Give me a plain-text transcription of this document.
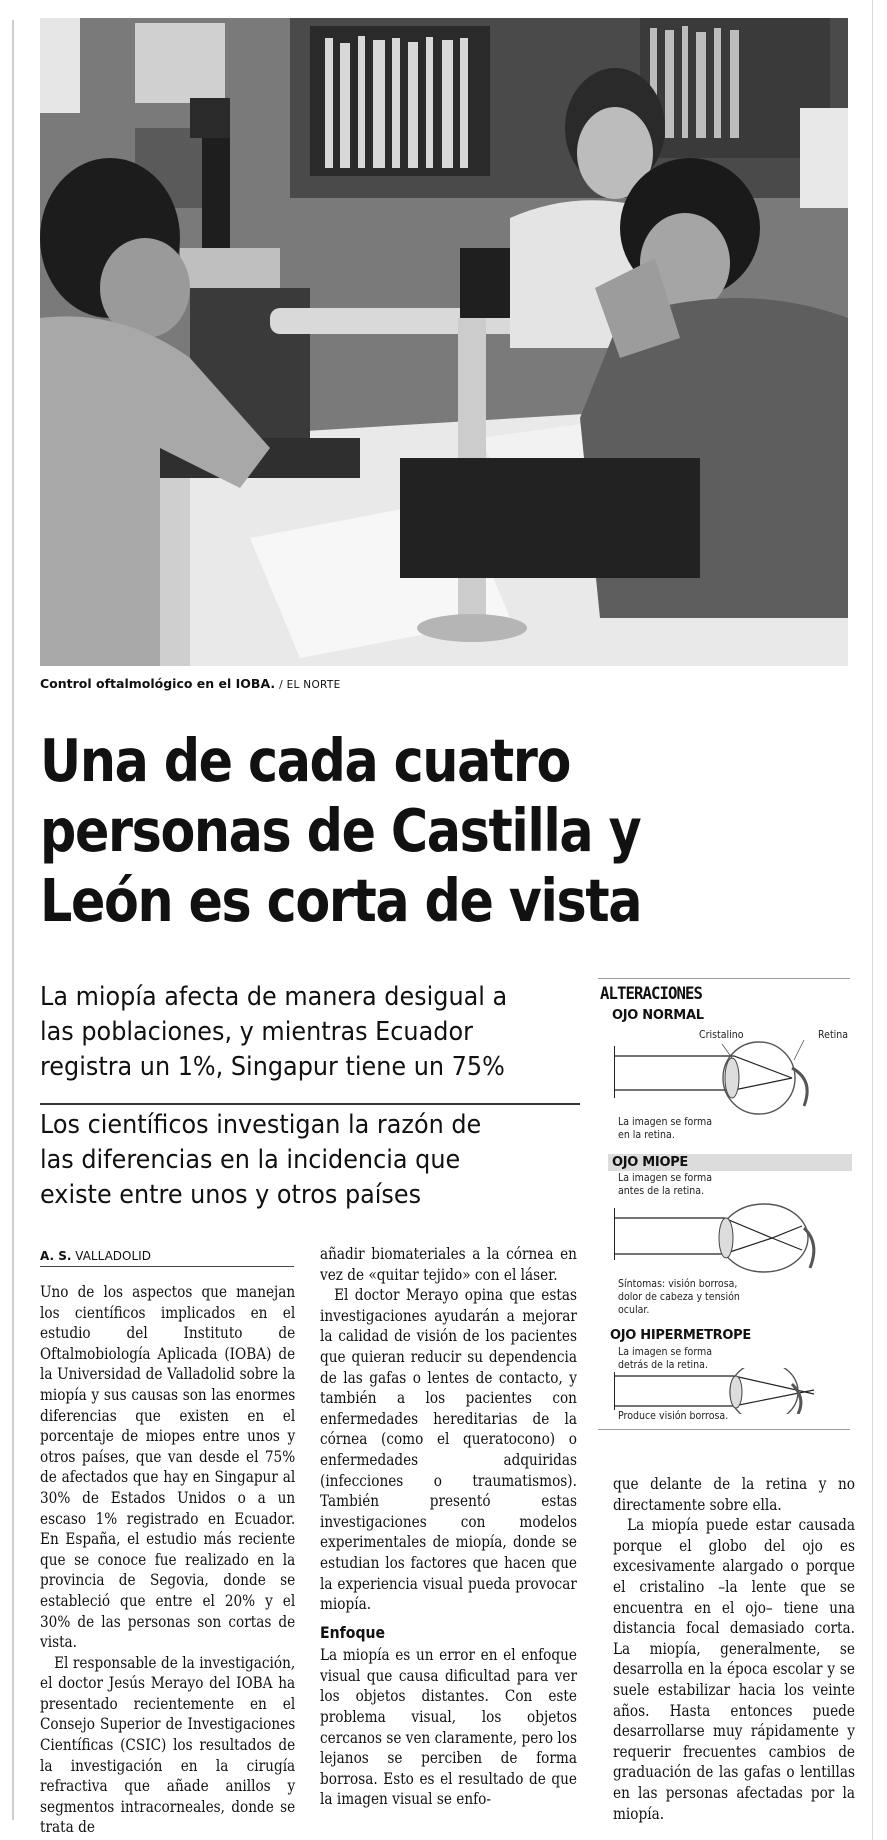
Control oftalmológico en el IOBA. / EL NORTE
Una de cada cuatro
personas de Castilla y
León es corta de vista
La miopía afecta de manera desigual a
las poblaciones, y mientras Ecuador
registra un 1%, Singapur tiene un 75%
Los científicos investigan la razón de
las diferencias en la incidencia que
existe entre unos y otros países
ALTERACIONES
OJO NORMAL
Cristalino	Retina
La imagen se forma
en la retina.
OJO MIOPE
La imagen se forma
antes de la retina.
Síntomas: visión borrosa,
dolor de cabeza y tensión
ocular.
OJO HIPERMETROPE
La imagen se forma
detrás de la retina.
Produce visión borrosa.
A. S. VALLADOLID

Uno de los aspectos que manejan los científicos implicados en el estudio del Instituto de Oftalmobiología Aplicada (IOBA) de la Universidad de Valladolid sobre la miopía y sus causas son las enormes diferencias que existen en el porcentaje de miopes entre unos y otros países, que van desde el 75% de afectados que hay en Singapur al 30% de Estados Unidos o a un escaso 1% registrado en Ecuador. En España, el estudio más reciente que se conoce fue realizado en la provincia de Segovia, donde se estableció que entre el 20% y el 30% de las personas son cortas de vista.

El responsable de la investigación, el doctor Jesús Merayo del IOBA ha presentado recientemente en el Consejo Superior de Investigaciones Científicas (CSIC) los resultados de la investigación en la cirugía refractiva que añade anillos y segmentos intracorneales, donde se trata de

añadir biomateriales a la córnea en vez de «quitar tejido» con el láser.

El doctor Merayo opina que estas investigaciones ayudarán a mejorar la calidad de visión de los pacientes que quieran reducir su dependencia de las gafas o lentes de contacto, y también a los pacientes con enfermedades hereditarias de la córnea (como el queratocono) o enfermedades adquiridas (infecciones o traumatismos). También presentó estas investigaciones con modelos experimentales de miopía, donde se estudian los factores que hacen que la experiencia visual pueda provocar miopía.

Enfoque

La miopía es un error en el enfoque visual que causa dificultad para ver los objetos distantes. Con este problema visual, los objetos cercanos se ven claramente, pero los lejanos se perciben de forma borrosa. Esto es el resultado de que la imagen visual se enfo-

que delante de la retina y no directamente sobre ella.

La miopía puede estar causada porque el globo del ojo es excesivamente alargado o porque el cristalino –la lente que se encuentra en el ojo– tiene una distancia focal demasiado corta. La miopía, generalmente, se desarrolla en la época escolar y se suele estabilizar hacia los veinte años. Hasta entonces puede desarrollarse muy rápidamente y requerir frecuentes cambios de graduación de las gafas o lentillas en las personas afectadas por la miopía.
